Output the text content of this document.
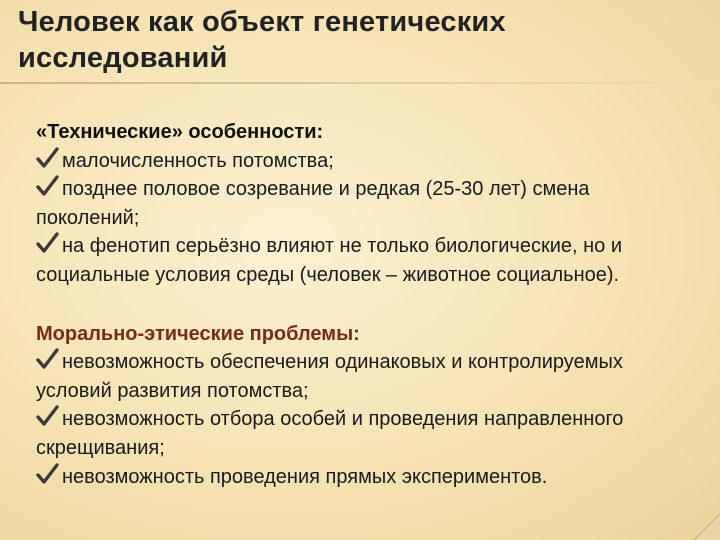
Человек как объект генетических исследований
«Технические» особенности:
малочисленность потомства;
позднее половое созревание и редкая (25-30 лет) смена поколений;
на фенотип серьёзно влияют не только биологические, но и социальные условия среды (человек – животное социальное).
Морально-этические проблемы:
невозможность обеспечения одинаковых и контролируемых условий развития потомства;
невозможность отбора особей и проведения направленного скрещивания;
невозможность проведения прямых экспериментов.
